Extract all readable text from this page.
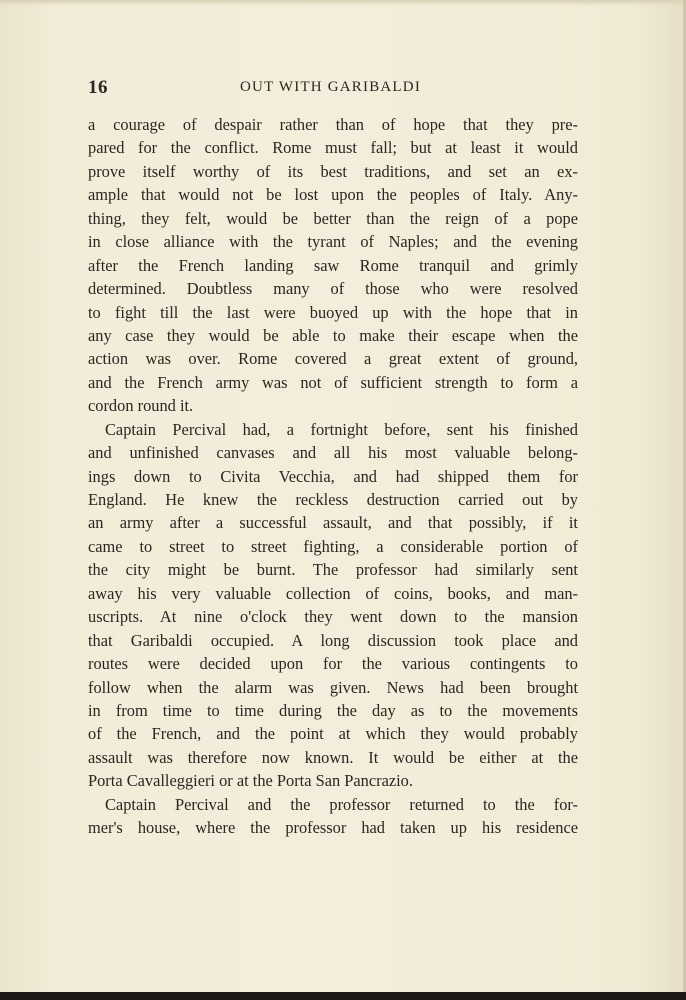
16	OUT WITH GARIBALDI
a courage of despair rather than of hope that they pre-
pared for the conflict. Rome must fall; but at least it would
prove itself worthy of its best traditions, and set an ex-
ample that would not be lost upon the peoples of Italy. Any-
thing, they felt, would be better than the reign of a pope
in close alliance with the tyrant of Naples; and the evening
after the French landing saw Rome tranquil and grimly
determined. Doubtless many of those who were resolved
to fight till the last were buoyed up with the hope that in
any case they would be able to make their escape when the
action was over. Rome covered a great extent of ground,
and the French army was not of sufficient strength to form a
cordon round it.
Captain Percival had, a fortnight before, sent his finished
and unfinished canvases and all his most valuable belong-
ings down to Civita Vecchia, and had shipped them for
England. He knew the reckless destruction carried out by
an army after a successful assault, and that possibly, if it
came to street to street fighting, a considerable portion of
the city might be burnt. The professor had similarly sent
away his very valuable collection of coins, books, and man-
uscripts. At nine o'clock they went down to the mansion
that Garibaldi occupied. A long discussion took place and
routes were decided upon for the various contingents to
follow when the alarm was given. News had been brought
in from time to time during the day as to the movements
of the French, and the point at which they would probably
assault was therefore now known. It would be either at the
Porta Cavalleggieri or at the Porta San Pancrazio.
Captain Percival and the professor returned to the for-
mer's house, where the professor had taken up his residence
